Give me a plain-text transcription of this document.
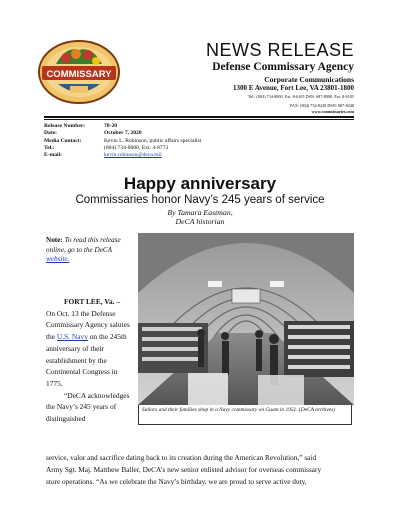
COMMISSARY
NEWS RELEASE
Defense Commissary Agency
Corporate Communications
1300 E Avenue, Fort Lee, VA 23801-1800
Tel.: (804) 734-8000, Ext. 8-6105 DSN: 687-8000, Ext. 8-6105
FAX: (804) 734-8248 DSN: 687-8248
www.commissaries.com
Release Number:	70-20
Date:	October 7, 2020
Media Contact:	Kevin L. Robinson, public affairs specialist
Tel.:	(804) 734-8000, Ext. 4-8773
E-mail:	kevin.robinson@deca.mil
Happy anniversary
Commissaries honor Navy’s 245 years of service
By Tamara Eastman,
DeCA historian
Note: To read this release online, go to the DeCA website.

FORT LEE, Va. –

On Oct. 13 the Defense Commissary Agency salutes the U.S. Navy on the 245th anniversary of their establishment by the Continental Congress in 1775.

“DeCA acknowledges the Navy’s 245 years of distinguished

Sailors and their families shop in a Navy commissary on Guam in 1951. (DeCA archives)

service, valor and sacrifice dating back to its creation during the American Revolution,” said

Army Sgt. Maj. Matthew Baller, DeCA’s new senior enlisted advisor for overseas commissary

store operations. “As we celebrate the Navy’s birthday, we are proud to serve active duty,
